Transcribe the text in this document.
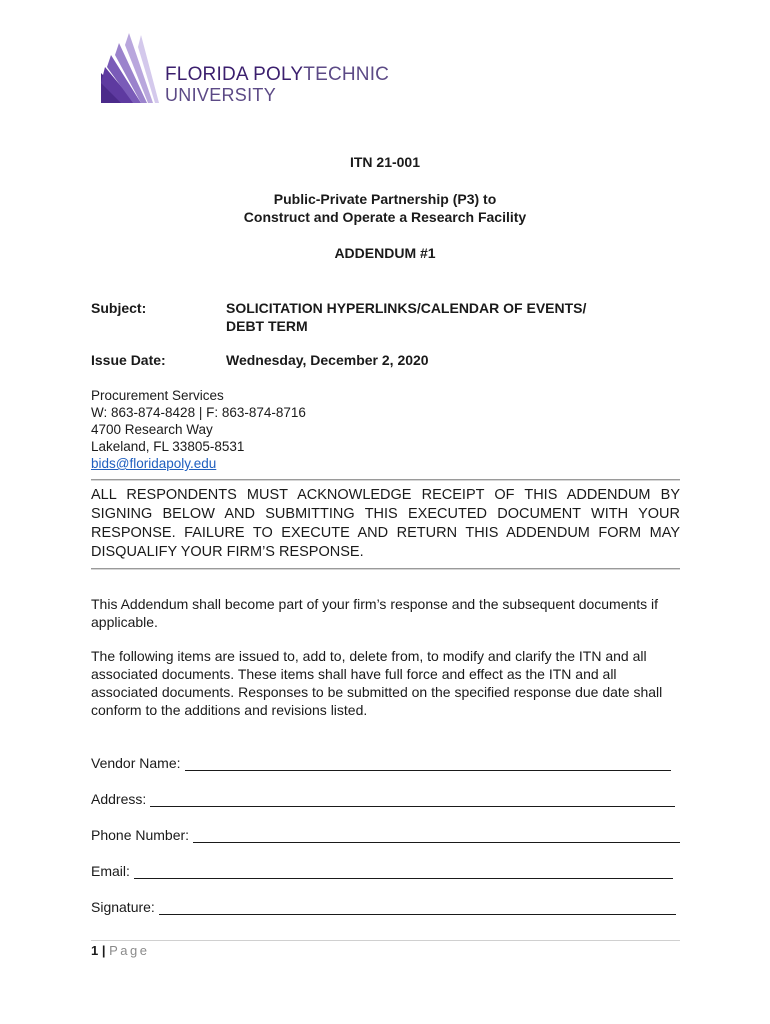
FLORIDA POLYTECHNIC
UNIVERSITY
ITN 21-001
Public-Private Partnership (P3) to
Construct and Operate a Research Facility
ADDENDUM #1
Subject:	SOLICITATION HYPERLINKS/CALENDAR OF EVENTS/
DEBT TERM
Issue Date:	Wednesday, December 2, 2020
Procurement Services
W: 863-874-8428 | F: 863-874-8716
4700 Research Way
Lakeland, FL 33805-8531
bids@floridapoly.edu
ALL RESPONDENTS MUST ACKNOWLEDGE RECEIPT OF THIS ADDENDUM BY SIGNING BELOW AND SUBMITTING THIS EXECUTED DOCUMENT WITH YOUR RESPONSE. FAILURE TO EXECUTE AND RETURN THIS ADDENDUM FORM MAY DISQUALIFY YOUR FIRM’S RESPONSE.
This Addendum shall become part of your firm’s response and the subsequent documents if applicable.
The following items are issued to, add to, delete from, to modify and clarify the ITN and all associated documents. These items shall have full force and effect as the ITN and all associated documents. Responses to be submitted on the specified response due date shall conform to the additions and revisions listed.
Vendor Name:
Address:
Phone Number:
Email:
Signature:
1 | Page
